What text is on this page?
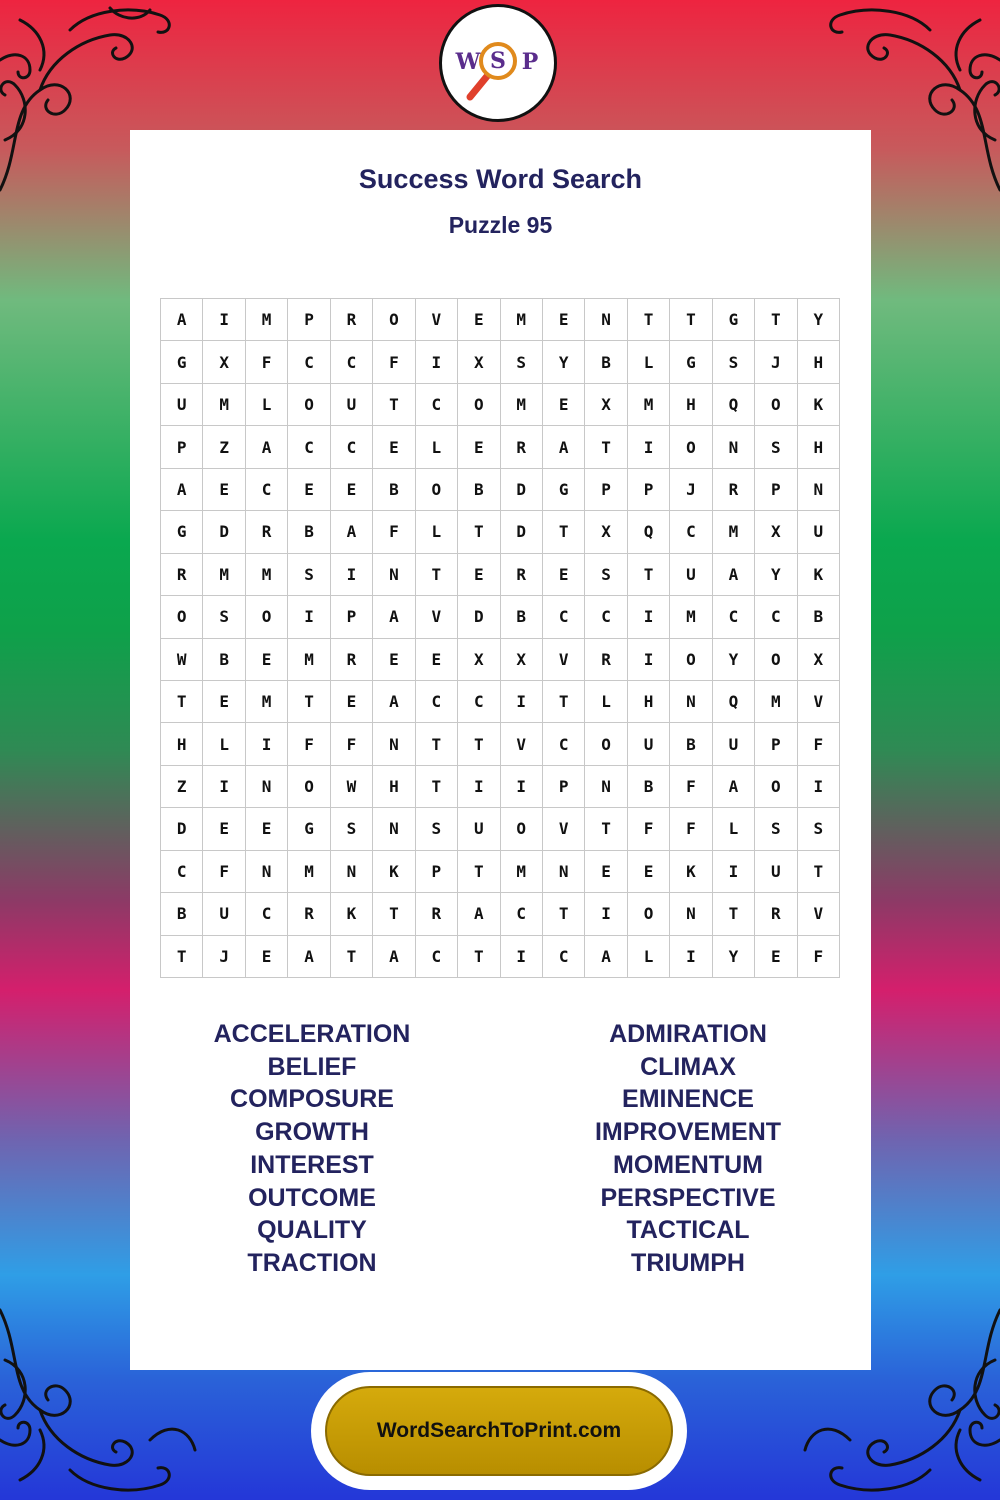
S
W P
Success Word Search
Puzzle 95
A	I	M	P	R	O	V	E	M	E	N	T	T	G	T	Y
G	X	F	C	C	F	I	X	S	Y	B	L	G	S	J	H
U	M	L	O	U	T	C	O	M	E	X	M	H	Q	O	K
P	Z	A	C	C	E	L	E	R	A	T	I	O	N	S	H
A	E	C	E	E	B	O	B	D	G	P	P	J	R	P	N
G	D	R	B	A	F	L	T	D	T	X	Q	C	M	X	U
R	M	M	S	I	N	T	E	R	E	S	T	U	A	Y	K
O	S	O	I	P	A	V	D	B	C	C	I	M	C	C	B
W	B	E	M	R	E	E	X	X	V	R	I	O	Y	O	X
T	E	M	T	E	A	C	C	I	T	L	H	N	Q	M	V
H	L	I	F	F	N	T	T	V	C	O	U	B	U	P	F
Z	I	N	O	W	H	T	I	I	P	N	B	F	A	O	I
D	E	E	G	S	N	S	U	O	V	T	F	F	L	S	S
C	F	N	M	N	K	P	T	M	N	E	E	K	I	U	T
B	U	C	R	K	T	R	A	C	T	I	O	N	T	R	V
T	J	E	A	T	A	C	T	I	C	A	L	I	Y	E	F
ACCELERATION
BELIEF
COMPOSURE
GROWTH
INTEREST
OUTCOME
QUALITY
TRACTION
ADMIRATION
CLIMAX
EMINENCE
IMPROVEMENT
MOMENTUM
PERSPECTIVE
TACTICAL
TRIUMPH
WordSearchToPrint.com
